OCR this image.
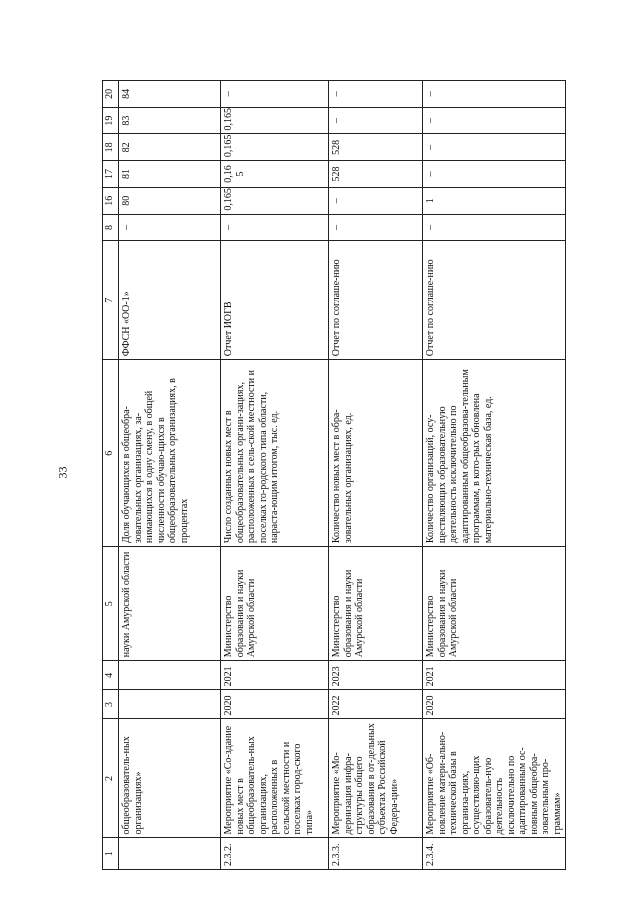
33
1	2	3	4	5	6	7	8	16	17	18	19	20
	общеобразователь-ных организациях»			науки Амурской области	Доля обучающихся в общеобра-зовательных организациях, за-нимающихся в одну смену, в общей численности обучаю-щихся в общеобразовательных организациях, в процентах	ФФСН «ОО-1»	–	80	81	82	83	84
2.3.2.	Мероприятие «Со-здание новых мест в общеобразователь-ных организациях, расположенных в сельской местности и поселках город-ского типа»	2020	2021	Министерство образования и науки Амурской области	Число созданных новых мест в общеобразовательных органи-зациях, расположенных в сель-ской местности и поселках го-родского типа области, нараста-ющим итогом, тыс. ед.	Отчет ИОГВ	–	0,165	0,16 5	0,165	0,165	–
2.3.3.	Мероприятие «Мо-дернизация инфра-структуры общего образования в от-дельных субъектах Российской Федера-ции»	2022	2023	Министерство образования и науки Амурской области	Количество новых мест в обра-зовательных организациях, ед.	Отчет по соглаше-нию	–	–	528	528	–	–
2.3.4.	Мероприятие «Об-новление матери-ально-технической базы в организа-циях, осуществляю-щих образователь-ную деятельность исключительно по адаптированным ос-новным общеобра-зовательным про-граммам»	2020	2021	Министерство образования и науки Амурской области	Количество организаций, осу-ществляющих образовательную деятельность исключительно по адаптированным общеобразова-тельным программам, в кото-рых обновлена материально-техническая база, ед.	Отчет по соглаше-нию	–	1	–	–	–	–
